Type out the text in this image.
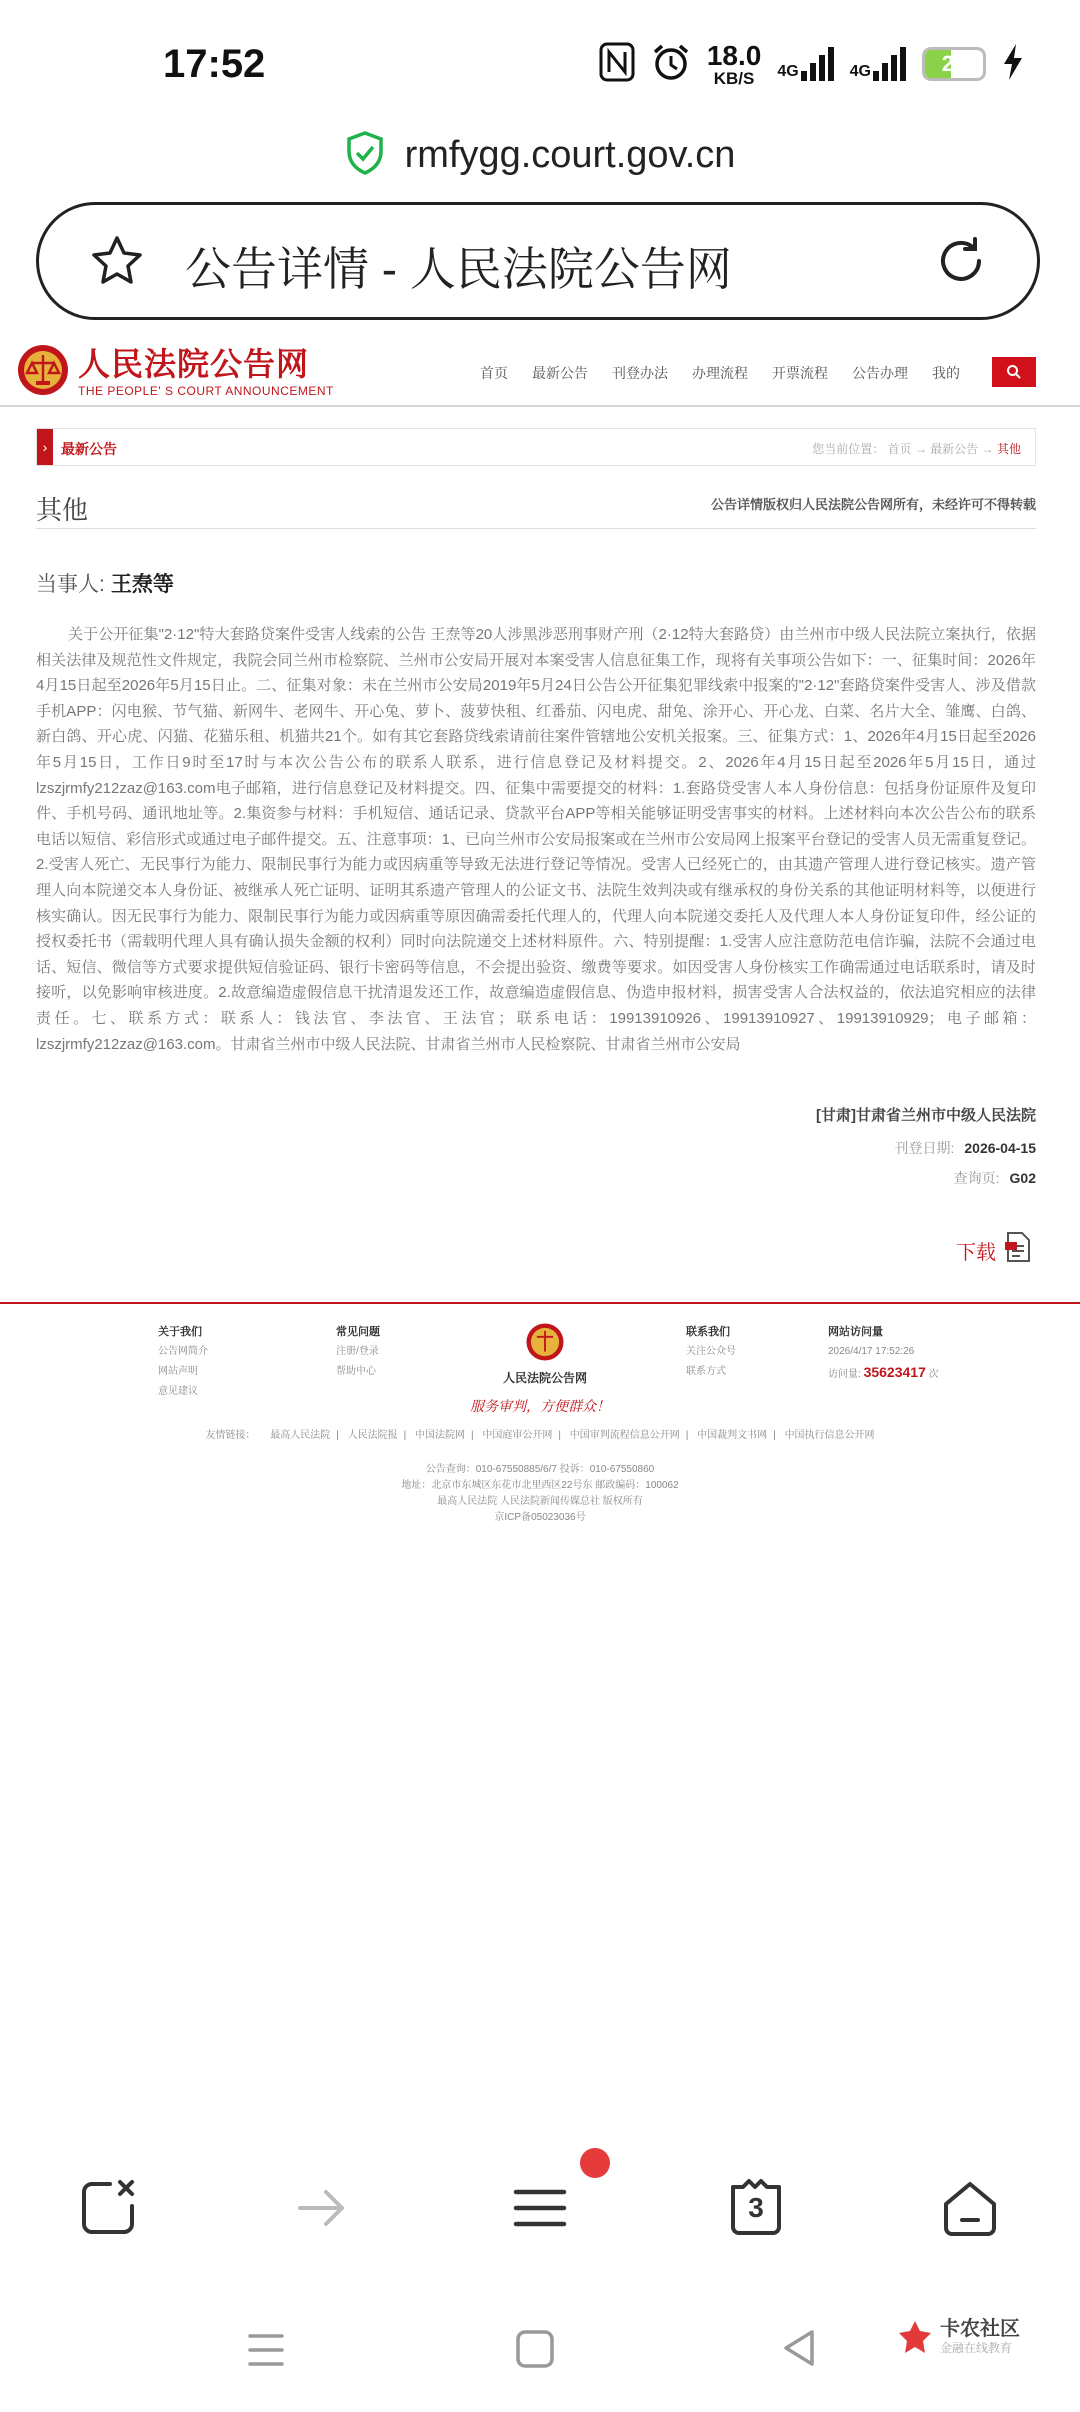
17:52	18.0
KB/S 4G	4G	24
rmfygg.court.gov.cn
公告详情 - 人民法院公告网
人民法院公告网
THE PEOPLE' S COURT ANNOUNCEMENT
首页 最新公告 刊登办法 办理流程 开票流程 公告办理 我的
› 最新公告	您当前位置： 首页 → 最新公告 → 其他
其他	公告详情版权归人民法院公告网所有，未经许可不得转载
当事人: 王焘等
关于公开征集"2·12"特大套路贷案件受害人线索的公告 王焘等20人涉黑涉恶刑事财产刑（2·12特大套路贷）由兰州市中级人民法院立案执行，依据相关法律及规范性文件规定，我院会同兰州市检察院、兰州市公安局开展对本案受害人信息征集工作，现将有关事项公告如下：一、征集时间：2026年4月15日起至2026年5月15日止。二、征集对象：未在兰州市公安局2019年5月24日公告公开征集犯罪线索中报案的"2·12"套路贷案件受害人、涉及借款手机APP：闪电猴、节气猫、新网牛、老网牛、开心兔、萝卜、菠萝快租、红番茄、闪电虎、甜兔、涂开心、开心龙、白菜、名片大全、雏鹰、白鸽、新白鸽、开心虎、闪猫、花猫乐租、机猫共21个。如有其它套路贷线索请前往案件管辖地公安机关报案。三、征集方式：1、2026年4月15日起至2026年5月15日，工作日9时至17时与本次公告公布的联系人联系，进行信息登记及材料提交。2、2026年4月15日起至2026年5月15日，通过lzszjrmfy212zaz@163.com电子邮箱，进行信息登记及材料提交。四、征集中需要提交的材料：1.套路贷受害人本人身份信息：包括身份证原件及复印件、手机号码、通讯地址等。2.集资参与材料：手机短信、通话记录、贷款平台APP等相关能够证明受害事实的材料。上述材料向本次公告公布的联系电话以短信、彩信形式或通过电子邮件提交。五、注意事项：1、已向兰州市公安局报案或在兰州市公安局网上报案平台登记的受害人员无需重复登记。2.受害人死亡、无民事行为能力、限制民事行为能力或因病重等导致无法进行登记等情况。受害人已经死亡的，由其遗产管理人进行登记核实。遗产管理人向本院递交本人身份证、被继承人死亡证明、证明其系遗产管理人的公证文书、法院生效判决或有继承权的身份关系的其他证明材料等，以便进行核实确认。因无民事行为能力、限制民事行为能力或因病重等原因确需委托代理人的，代理人向本院递交委托人及代理人本人身份证复印件，经公证的授权委托书（需载明代理人具有确认损失金额的权利）同时向法院递交上述材料原件。六、特别提醒：1.受害人应注意防范电信诈骗，法院不会通过电话、短信、微信等方式要求提供短信验证码、银行卡密码等信息，不会提出验资、缴费等要求。如因受害人身份核实工作确需通过电话联系时，请及时接听，以免影响审核进度。2.故意编造虚假信息干扰清退发还工作，故意编造虚假信息、伪造申报材料，损害受害人合法权益的，依法追究相应的法律责任。七、联系方式：联系人：钱法官、李法官、王法官；联系电话：19913910926、19913910927、19913910929；电子邮箱：lzszjrmfy212zaz@163.com。甘肃省兰州市中级人民法院、甘肃省兰州市人民检察院、甘肃省兰州市公安局
[甘肃]甘肃省兰州市中级人民法院
刊登日期: 2026-04-15
查询页: G02
下载
关于我们
公告网简介
网站声明
意见建议
常见问题
注册/登录
帮助中心	人民法院公告网
服务审判，方便群众！
联系我们
关注公众号
联系方式
网站访问量
2026/4/17 17:52:26
访问量: 35623417 次
友情链接： 最高人民法院 | 人民法院报 | 中国法院网 | 中国庭审公开网 | 中国审判流程信息公开网 | 中国裁判文书网 | 中国执行信息公开网
公告查询：010-67550885/6/7 投诉：010-67550860
地址：北京市东城区东花市北里西区22号东 邮政编码：100062
最高人民法院 人民法院新闻传媒总社 版权所有
京ICP备05023036号
3
卡农社区
金融在线教育
